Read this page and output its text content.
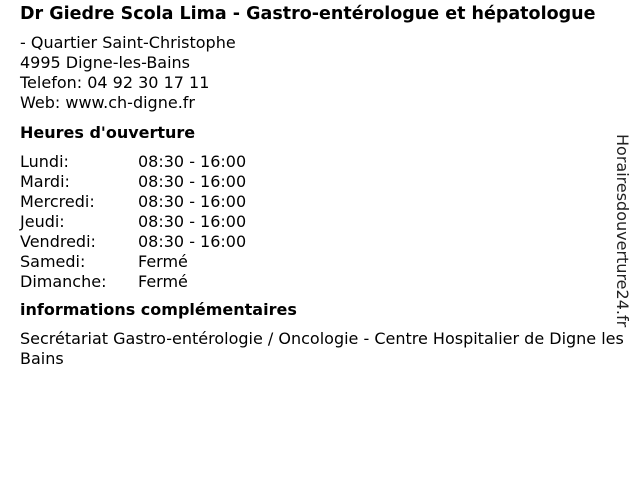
Dr Giedre Scola Lima - Gastro-entérologue et hépatologue
- Quartier Saint-Christophe
4995 Digne-les-Bains
Telefon: 04 92 30 17 11
Web: www.ch-digne.fr
Heures d'ouverture
Lundi:	08:30 - 16:00
Mardi:	08:30 - 16:00
Mercredi:	08:30 - 16:00
Jeudi:	08:30 - 16:00
Vendredi:	08:30 - 16:00
Samedi:	Fermé
Dimanche:	Fermé
informations complémentaires
Secrétariat Gastro-entérologie / Oncologie - Centre Hospitalier de Digne les Bains
Horairesdouverture24.fr
